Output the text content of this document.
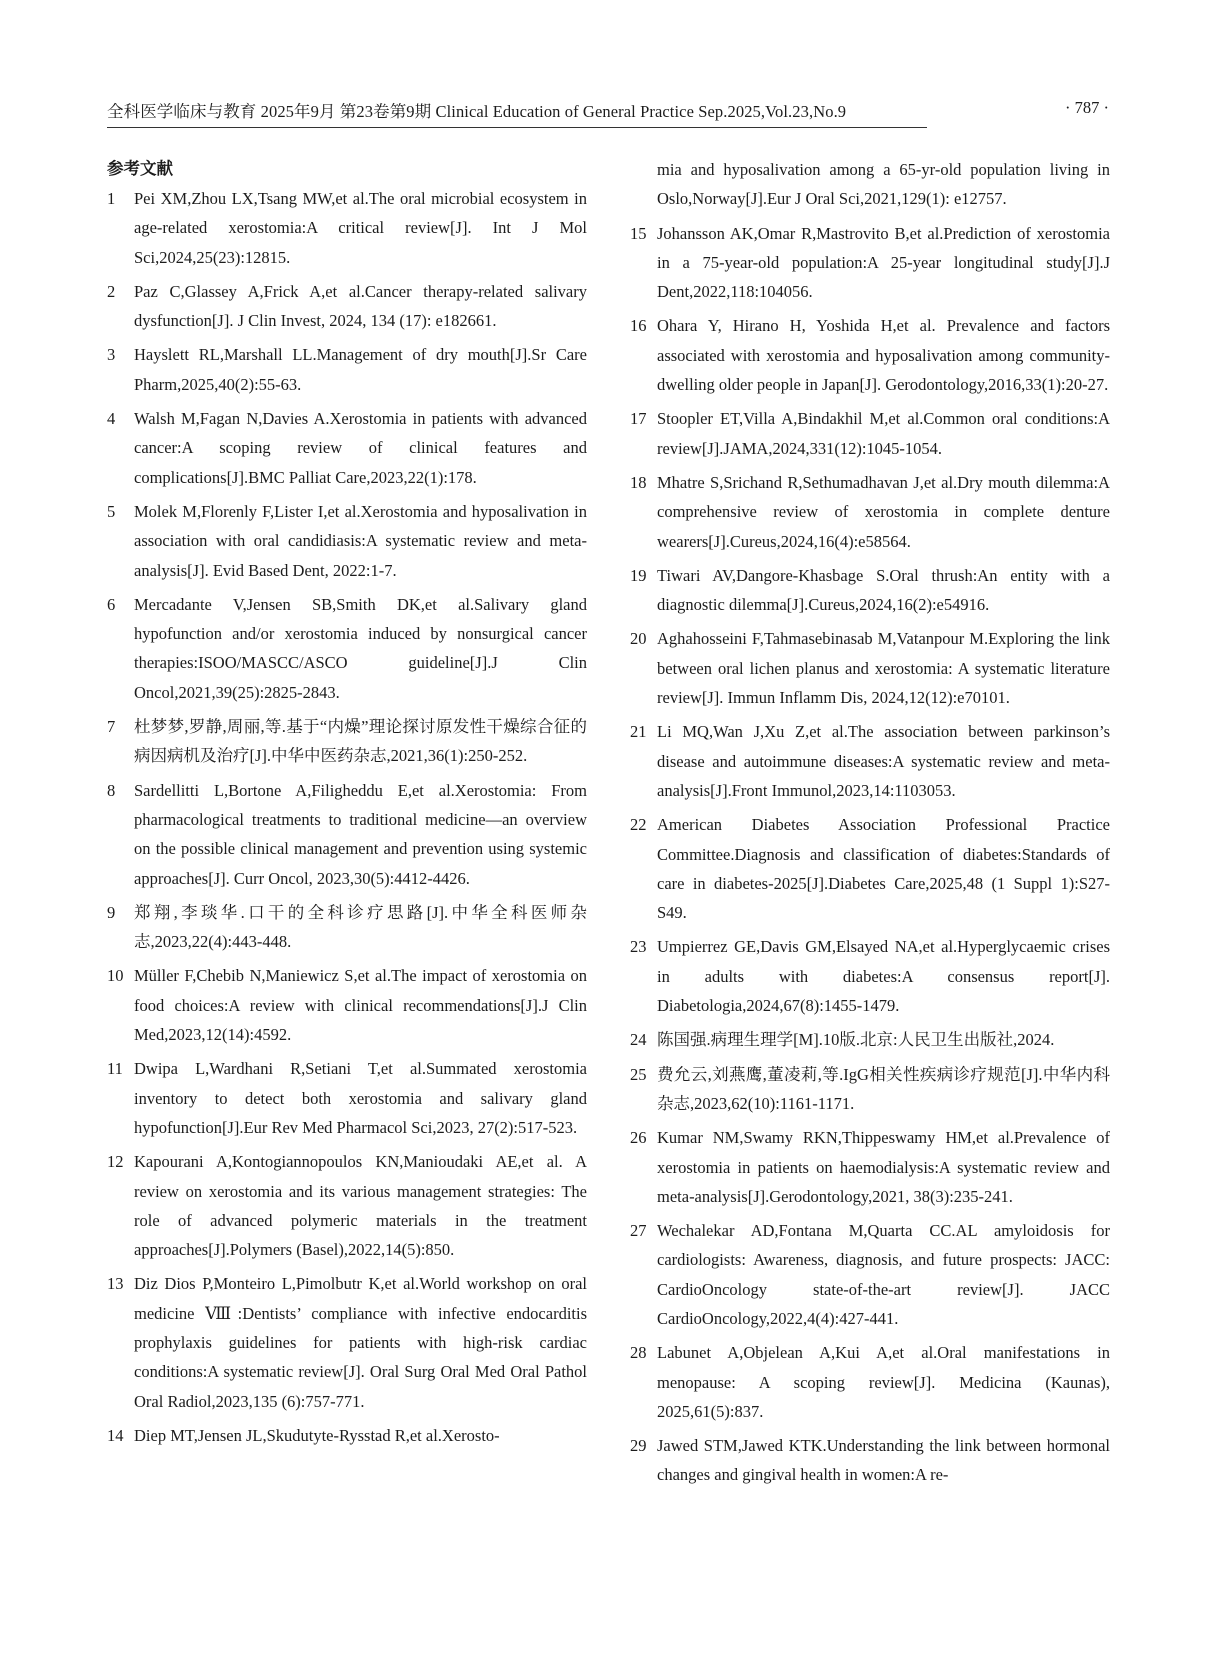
全科医学临床与教育 2025年9月 第23卷第9期 Clinical Education of General Practice Sep.2025,Vol.23,No.9	· 787 ·
参考文献

1 Pei XM,Zhou LX,Tsang MW,et al.The oral microbial ecosystem in age-related xerostomia:A critical review[J]. Int J Mol Sci,2024,25(23):12815.

2 Paz C,Glassey A,Frick A,et al.Cancer therapy-related salivary dysfunction[J]. J Clin Invest, 2024, 134 (17): e182661.

3 Hayslett RL,Marshall LL.Management of dry mouth[J].Sr Care Pharm,2025,40(2):55-63.

4 Walsh M,Fagan N,Davies A.Xerostomia in patients with advanced cancer:A scoping review of clinical features and complications[J].BMC Palliat Care,2023,22(1):178.

5 Molek M,Florenly F,Lister I,et al.Xerostomia and hyposalivation in association with oral candidiasis:A systematic review and meta-analysis[J]. Evid Based Dent, 2022:1-7.

6 Mercadante V,Jensen SB,Smith DK,et al.Salivary gland hypofunction and/or xerostomia induced by nonsurgical cancer therapies:ISOO/MASCC/ASCO guideline[J].J Clin Oncol,2021,39(25):2825-2843.

7 杜梦梦,罗静,周丽,等.基于“内燥”理论探讨原发性干燥综合征的病因病机及治疗[J].中华中医药杂志,2021,36(1):250-252.

8 Sardellitti L,Bortone A,Filigheddu E,et al.Xerostomia: From pharmacological treatments to traditional medicine—an overview on the possible clinical management and prevention using systemic approaches[J]. Curr Oncol, 2023,30(5):4412-4426.

9 郑翔,李琰华.口干的全科诊疗思路[J].中华全科医师杂志,2023,22(4):443-448.

10 Müller F,Chebib N,Maniewicz S,et al.The impact of xerostomia on food choices:A review with clinical recommendations[J].J Clin Med,2023,12(14):4592.

11 Dwipa L,Wardhani R,Setiani T,et al.Summated xerostomia inventory to detect both xerostomia and salivary gland hypofunction[J].Eur Rev Med Pharmacol Sci,2023, 27(2):517-523.

12 Kapourani A,Kontogiannopoulos KN,Manioudaki AE,et al. A review on xerostomia and its various management strategies: The role of advanced polymeric materials in the treatment approaches[J].Polymers (Basel),2022,14(5):850.

13 Diz Dios P,Monteiro L,Pimolbutr K,et al.World workshop on oral medicine Ⅷ:Dentists’ compliance with infective endocarditis prophylaxis guidelines for patients with high-risk cardiac conditions:A systematic review[J]. Oral Surg Oral Med Oral Pathol Oral Radiol,2023,135 (6):757-771.

14 Diep MT,Jensen JL,Skudutyte-Rysstad R,et al.Xerosto-

mia and hyposalivation among a 65-yr-old population living in Oslo,Norway[J].Eur J Oral Sci,2021,129(1): e12757.

15 Johansson AK,Omar R,Mastrovito B,et al.Prediction of xerostomia in a 75-year-old population:A 25-year longitudinal study[J].J Dent,2022,118:104056.

16 Ohara Y, Hirano H, Yoshida H,et al. Prevalence and factors associated with xerostomia and hyposalivation among community-dwelling older people in Japan[J]. Gerodontology,2016,33(1):20-27.

17 Stoopler ET,Villa A,Bindakhil M,et al.Common oral conditions:A review[J].JAMA,2024,331(12):1045-1054.

18 Mhatre S,Srichand R,Sethumadhavan J,et al.Dry mouth dilemma:A comprehensive review of xerostomia in complete denture wearers[J].Cureus,2024,16(4):e58564.

19 Tiwari AV,Dangore-Khasbage S.Oral thrush:An entity with a diagnostic dilemma[J].Cureus,2024,16(2):e54916.

20 Aghahosseini F,Tahmasebinasab M,Vatanpour M.Exploring the link between oral lichen planus and xerostomia: A systematic literature review[J]. Immun Inflamm Dis, 2024,12(12):e70101.

21 Li MQ,Wan J,Xu Z,et al.The association between parkinson’s disease and autoimmune diseases:A systematic review and meta-analysis[J].Front Immunol,2023,14:1103053.

22 American Diabetes Association Professional Practice Committee.Diagnosis and classification of diabetes:Standards of care in diabetes-2025[J].Diabetes Care,2025,48 (1 Suppl 1):S27-S49.

23 Umpierrez GE,Davis GM,Elsayed NA,et al.Hyperglycaemic crises in adults with diabetes:A consensus report[J]. Diabetologia,2024,67(8):1455-1479.

24 陈国强.病理生理学[M].10版.北京:人民卫生出版社,2024.

25 费允云,刘燕鹰,董凌莉,等.IgG相关性疾病诊疗规范[J].中华内科杂志,2023,62(10):1161-1171.

26 Kumar NM,Swamy RKN,Thippeswamy HM,et al.Prevalence of xerostomia in patients on haemodialysis:A systematic review and meta-analysis[J].Gerodontology,2021, 38(3):235-241.

27 Wechalekar AD,Fontana M,Quarta CC.AL amyloidosis for cardiologists: Awareness, diagnosis, and future prospects: JACC: CardioOncology state-of-the-art review[J]. JACC CardioOncology,2022,4(4):427-441.

28 Labunet A,Objelean A,Kui A,et al.Oral manifestations in menopause: A scoping review[J]. Medicina (Kaunas), 2025,61(5):837.

29 Jawed STM,Jawed KTK.Understanding the link between hormonal changes and gingival health in women:A re-
